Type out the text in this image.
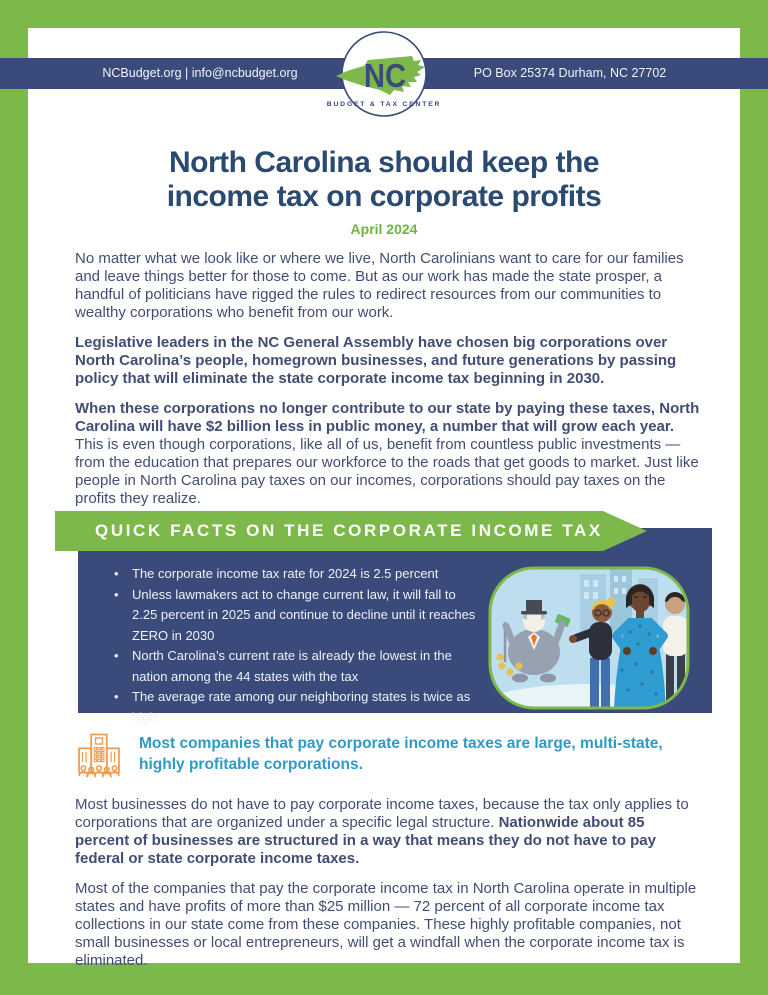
NCBudget.org | info@ncbudget.org	PO Box 25374 Durham, NC 27702
NC
BUDGET & TAX CENTER
North Carolina should keep the
income tax on corporate profits
April 2024

No matter what we look like or where we live, North Carolinians want to care for our families and leave things better for those to come. But as our work has made the state prosper, a handful of politicians have rigged the rules to redirect resources from our communities to wealthy corporations who benefit from our work.

Legislative leaders in the NC General Assembly have chosen big corporations over North Carolina’s people, homegrown businesses, and future generations by passing policy that will eliminate the state corporate income tax beginning in 2030.

When these corporations no longer contribute to our state by paying these taxes, North Carolina will have $2 billion less in public money, a number that will grow each year. This is even though corporations, like all of us, benefit from countless public investments — from the education that prepares our workforce to the roads that get goods to market. Just like people in North Carolina pay taxes on our incomes, corporations should pay taxes on the profits they realize.

QUICK FACTS ON THE CORPORATE INCOME TAX
• The corporate income tax rate for 2024 is 2.5 percent
• Unless lawmakers act to change current law, it will fall to 2.25 percent in 2025 and continue to decline until it reaches ZERO in 2030
• North Carolina’s current rate is already the lowest in the nation among the 44 states with the tax
• The average rate among our neighboring states is twice as high.
Most companies that pay corporate income taxes are large, multi-state, highly profitable corporations.

Most businesses do not have to pay corporate income taxes, because the tax only applies to corporations that are organized under a specific legal structure. Nationwide about 85 percent of businesses are structured in a way that means they do not have to pay federal or state corporate income taxes.

Most of the companies that pay the corporate income tax in North Carolina operate in multiple states and have profits of more than $25 million — 72 percent of all corporate income tax collections in our state come from these companies. These highly profitable companies, not small businesses or local entrepreneurs, will get a windfall when the corporate income tax is eliminated.
